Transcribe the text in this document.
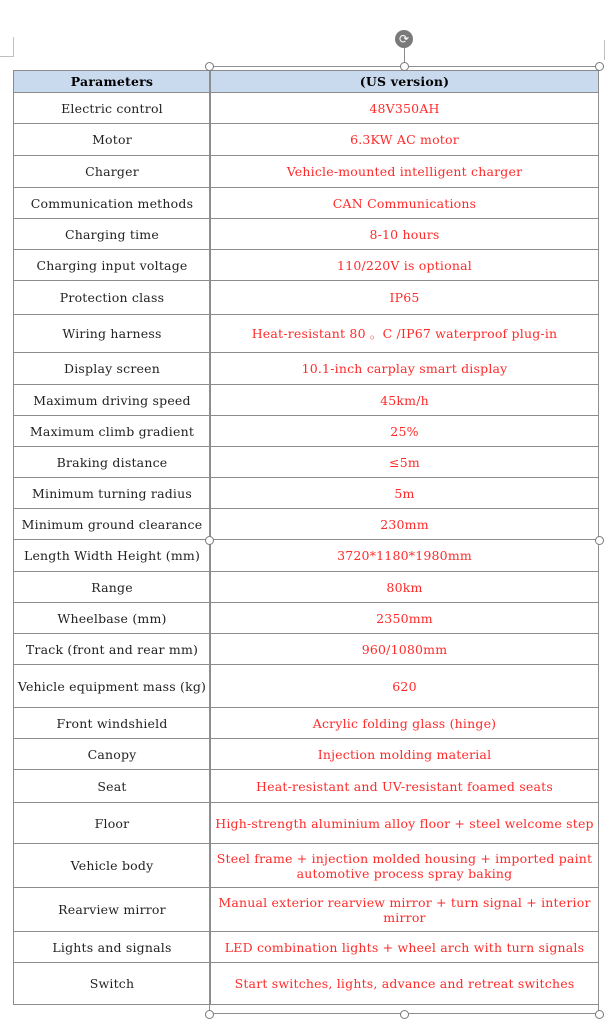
⟳
Parameters	(US version)
Electric control	48V350AH
Motor	6.3KW AC motor
Charger	Vehicle-mounted intelligent charger
Communication methods	CAN Communications
Charging time	8-10 hours
Charging input voltage	110/220V is optional
Protection class	IP65
Wiring harness	Heat-resistant 80 。C /IP67 waterproof plug-in
Display screen	10.1-inch carplay smart display
Maximum driving speed	45km/h
Maximum climb gradient	25%
Braking distance	≤5m
Minimum turning radius	5m
Minimum ground clearance	230mm
Length Width Height (mm)	3720*1180*1980mm
Range	80km
Wheelbase (mm)	2350mm
Track (front and rear mm)	960/1080mm
Vehicle equipment mass (kg)	620
Front windshield	Acrylic folding glass (hinge)
Canopy	Injection molding material
Seat	Heat-resistant and UV-resistant foamed seats
Floor	High-strength aluminium alloy floor + steel welcome step
Vehicle body	Steel frame + injection molded housing + imported paint automotive process spray baking
Rearview mirror	Manual exterior rearview mirror + turn signal + interior mirror
Lights and signals	LED combination lights + wheel arch with turn signals
Switch	Start switches, lights, advance and retreat switches
